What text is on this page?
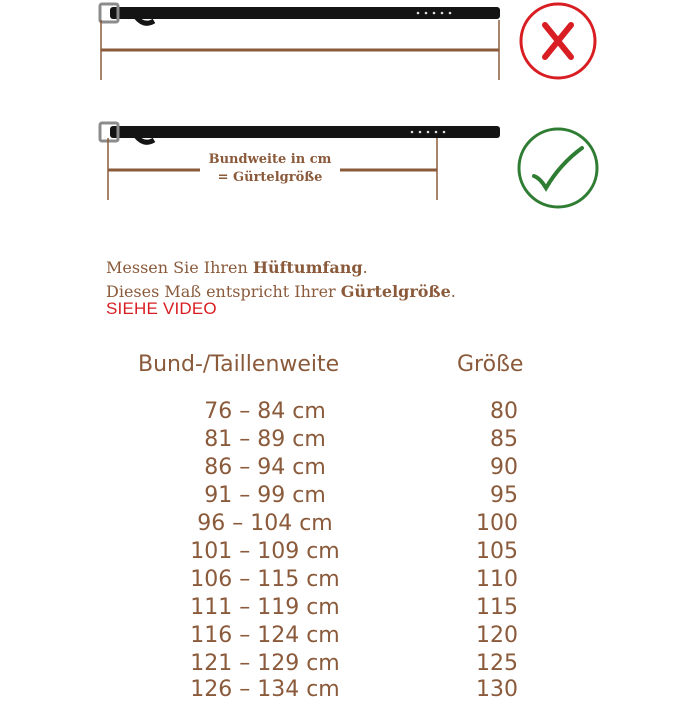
Bundweite in cm
= Gürtelgröße
Messen Sie Ihren Hüftumfang.
Dieses Maß entspricht Ihrer Gürtelgröße.
SIEHE VIDEO
Bund-/Taillenweite	Größe
76 – 84 cm	80
81 – 89 cm	85
86 – 94 cm	90
91 – 99 cm	95
96 – 104 cm	100
101 – 109 cm	105
106 – 115 cm	110
111 – 119 cm	115
116 – 124 cm	120
121 – 129 cm	125
126 – 134 cm	130
